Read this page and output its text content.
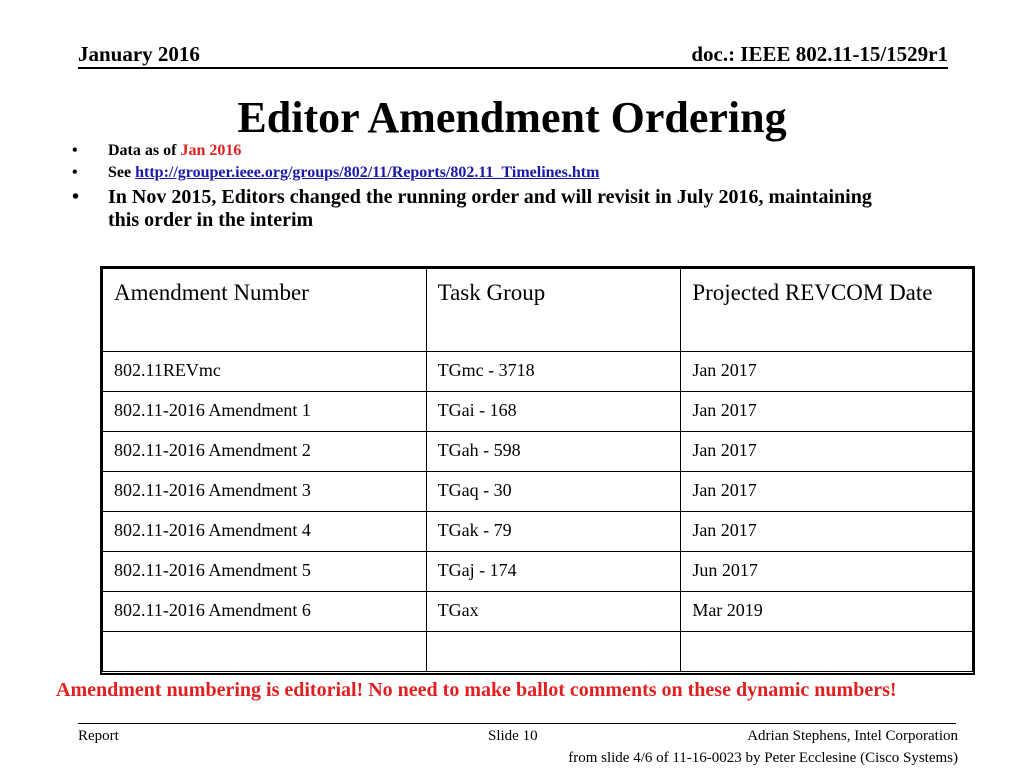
January 2016	doc.: IEEE 802.11-15/1529r1
Editor Amendment Ordering
• Data as of Jan 2016
• See http://grouper.ieee.org/groups/802/11/Reports/802.11_Timelines.htm
• In Nov 2015, Editors changed the running order and will revisit in July 2016, maintaining this order in the interim
Amendment Number	Task Group	Projected REVCOM Date
802.11REVmc	TGmc - 3718	Jan 2017
802.11-2016 Amendment 1	TGai - 168	Jan 2017
802.11-2016 Amendment 2	TGah - 598	Jan 2017
802.11-2016 Amendment 3	TGaq - 30	Jan 2017
802.11-2016 Amendment 4	TGak - 79	Jan 2017
802.11-2016 Amendment 5	TGaj - 174	Jun 2017
802.11-2016 Amendment 6	TGax	Mar 2019

Amendment numbering is editorial! No need to make ballot comments on these dynamic numbers!
Report	Slide 10	Adrian Stephens, Intel Corporation
from slide 4/6 of 11-16-0023 by Peter Ecclesine (Cisco Systems)
